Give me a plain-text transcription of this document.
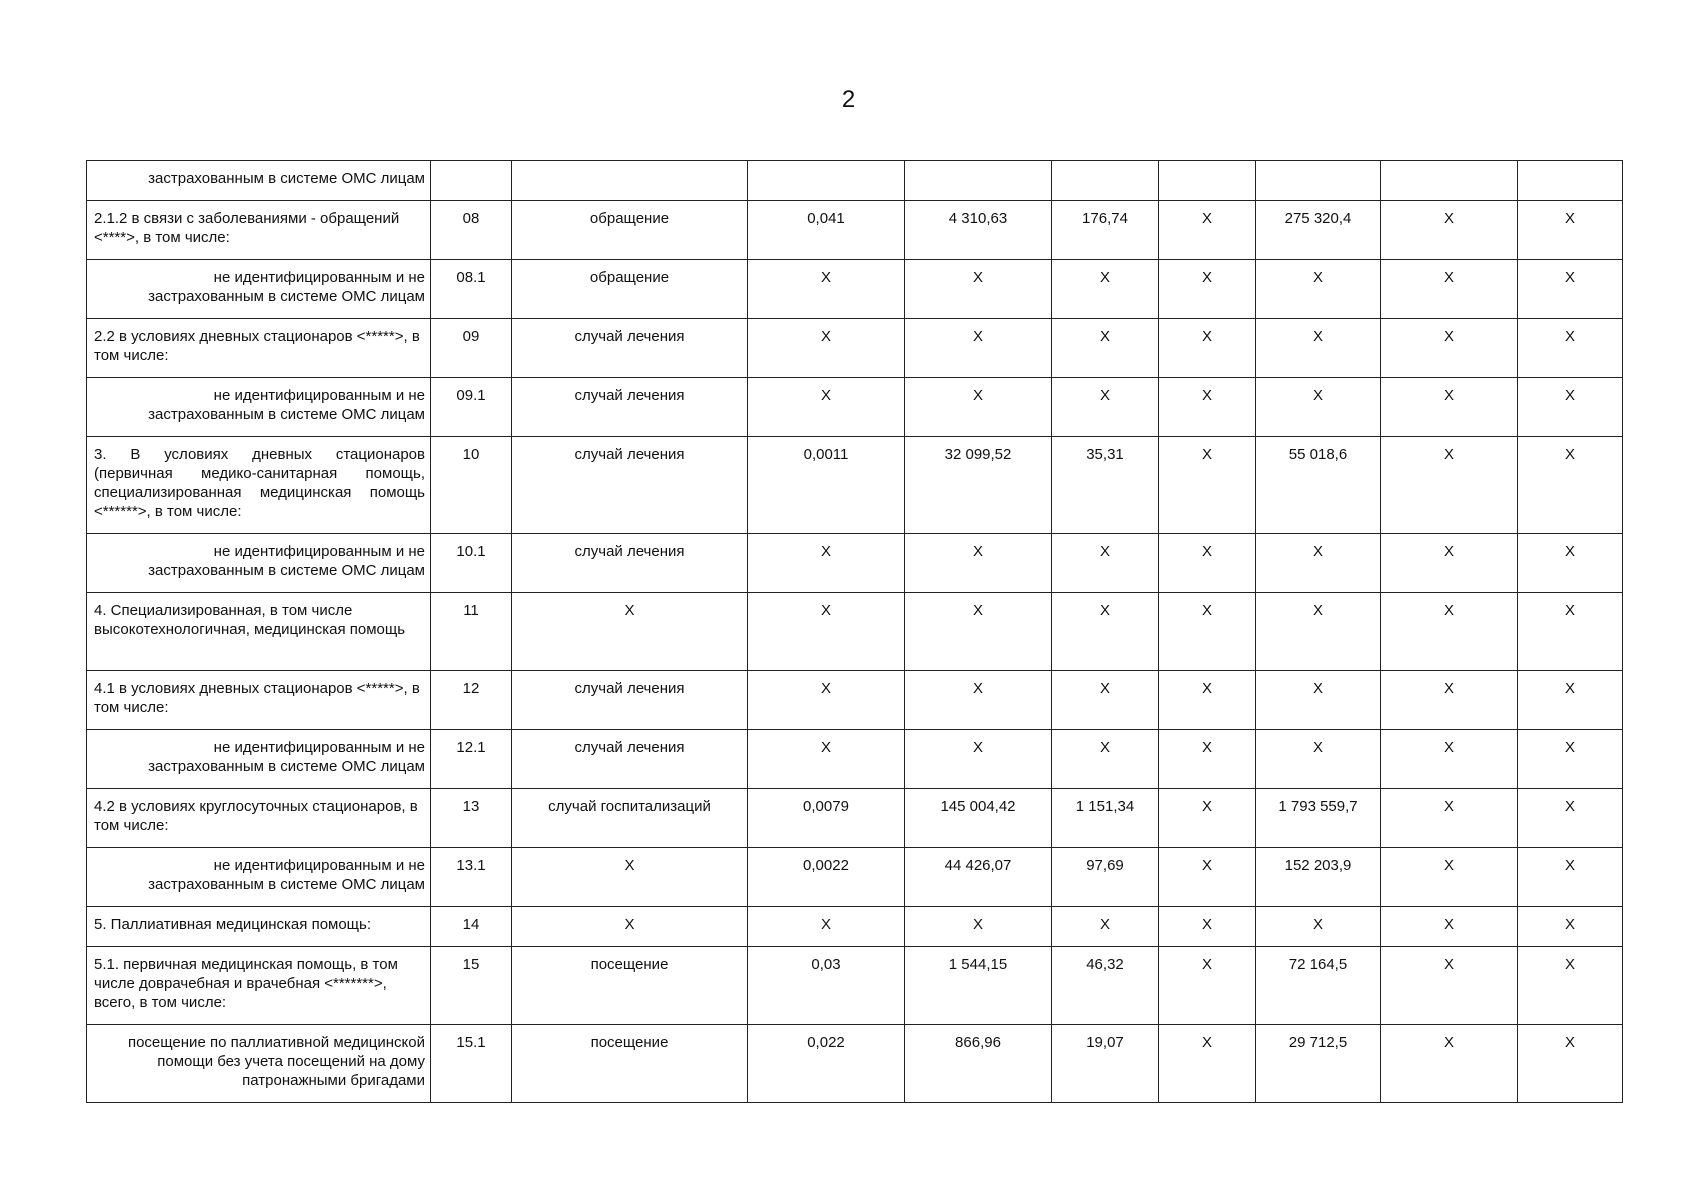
2
застрахованным в системе ОМС лицам									
2.1.2 в связи с заболеваниями - обращений <****>, в том числе:	08	обращение	0,041	4 310,63	176,74	X	275 320,4	X	X
не идентифицированным и не застрахованным в системе ОМС лицам	08.1	обращение	X	X	X	X	X	X	X
2.2 в условиях дневных стационаров <*****>, в том числе:	09	случай лечения	X	X	X	X	X	X	X
не идентифицированным и не застрахованным в системе ОМС лицам	09.1	случай лечения	X	X	X	X	X	X	X
3. В условиях дневных стационаров (первичная медико-санитарная помощь, специализированная медицинская помощь <******>, в том числе:	10	случай лечения	0,0011	32 099,52	35,31	X	55 018,6	X	X
не идентифицированным и не застрахованным в системе ОМС лицам	10.1	случай лечения	X	X	X	X	X	X	X
4. Специализированная, в том числе высокотехнологичная, медицинская помощь	11	X	X	X	X	X	X	X	X
4.1 в условиях дневных стационаров <*****>, в том числе:	12	случай лечения	X	X	X	X	X	X	X
не идентифицированным и не застрахованным в системе ОМС лицам	12.1	случай лечения	X	X	X	X	X	X	X
4.2 в условиях круглосуточных стационаров, в том числе:	13	случай госпитализаций	0,0079	145 004,42	1 151,34	X	1 793 559,7	X	X
не идентифицированным и не застрахованным в системе ОМС лицам	13.1	X	0,0022	44 426,07	97,69	X	152 203,9	X	X
5. Паллиативная медицинская помощь:	14	X	X	X	X	X	X	X	X
5.1. первичная медицинская помощь, в том числе доврачебная и врачебная <*******>, всего, в том числе:	15	посещение	0,03	1 544,15	46,32	X	72 164,5	X	X
посещение по паллиативной медицинской помощи без учета посещений на дому патронажными бригадами	15.1	посещение	0,022	866,96	19,07	X	29 712,5	X	X
